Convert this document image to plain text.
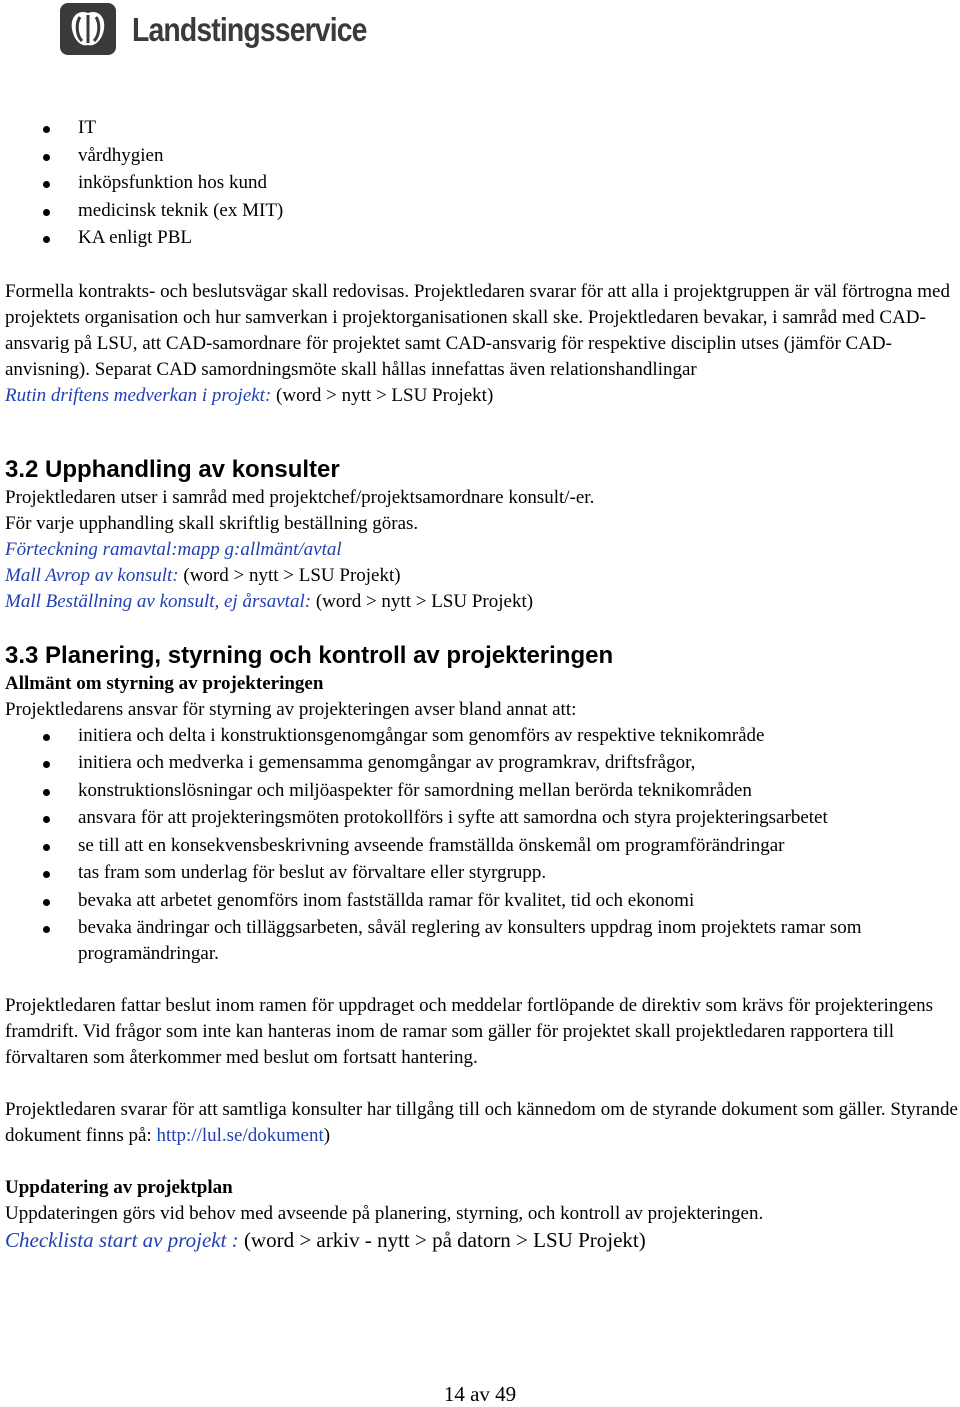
Landstingsservice
IT
vårdhygien
inköpsfunktion hos kund
medicinsk teknik (ex MIT)
KA enligt PBL

Formella kontrakts- och beslutsvägar skall redovisas. Projektledaren svarar för att alla i projektgruppen är väl förtrogna med projektets organisation och hur samverkan i projektorganisationen skall ske. Projektledaren bevakar, i samråd med CAD-ansvarig på LSU, att CAD-samordnare för projektet samt CAD-ansvarig för respektive disciplin utses (jämför CAD-anvisning). Separat CAD samordningsmöte skall hållas innefattas även relationshandlingar
Rutin driftens medverkan i projekt: (word > nytt > LSU Projekt)

3.2 Upphandling av konsulter

Projektledaren utser i samråd med projektchef/projektsamordnare konsult/-er.
För varje upphandling skall skriftlig beställning göras.
Förteckning ramavtal:mapp g:allmänt/avtal
Mall Avrop av konsult: (word > nytt > LSU Projekt)
Mall Beställning av konsult, ej årsavtal: (word > nytt > LSU Projekt)

3.3 Planering, styrning och kontroll av projekteringen

Allmänt om styrning av projekteringen

Projektledarens ansvar för styrning av projekteringen avser bland annat att:

initiera och delta i konstruktionsgenomgångar som genomförs av respektive teknikområde
initiera och medverka i gemensamma genomgångar av programkrav, driftsfrågor,
konstruktionslösningar och miljöaspekter för samordning mellan berörda teknikområden
ansvara för att projekteringsmöten protokollförs i syfte att samordna och styra projekteringsarbetet
se till att en konsekvensbeskrivning avseende framställda önskemål om programförändringar
tas fram som underlag för beslut av förvaltare eller styrgrupp.
bevaka att arbetet genomförs inom fastställda ramar för kvalitet, tid och ekonomi
bevaka ändringar och tilläggsarbeten, såväl reglering av konsulters uppdrag inom projektets ramar som programändringar.

Projektledaren fattar beslut inom ramen för uppdraget och meddelar fortlöpande de direktiv som krävs för projekteringens framdrift. Vid frågor som inte kan hanteras inom de ramar som gäller för projektet skall projektledaren rapportera till förvaltaren som återkommer med beslut om fortsatt hantering.

Projektledaren svarar för att samtliga konsulter har tillgång till och kännedom om de styrande dokument som gäller. Styrande dokument finns på: http://lul.se/dokument)

Uppdatering av projektplan

Uppdateringen görs vid behov med avseende på planering, styrning, och kontroll av projekteringen.

Checklista start av projekt : (word > arkiv - nytt > på datorn > LSU Projekt)

14 av 49
